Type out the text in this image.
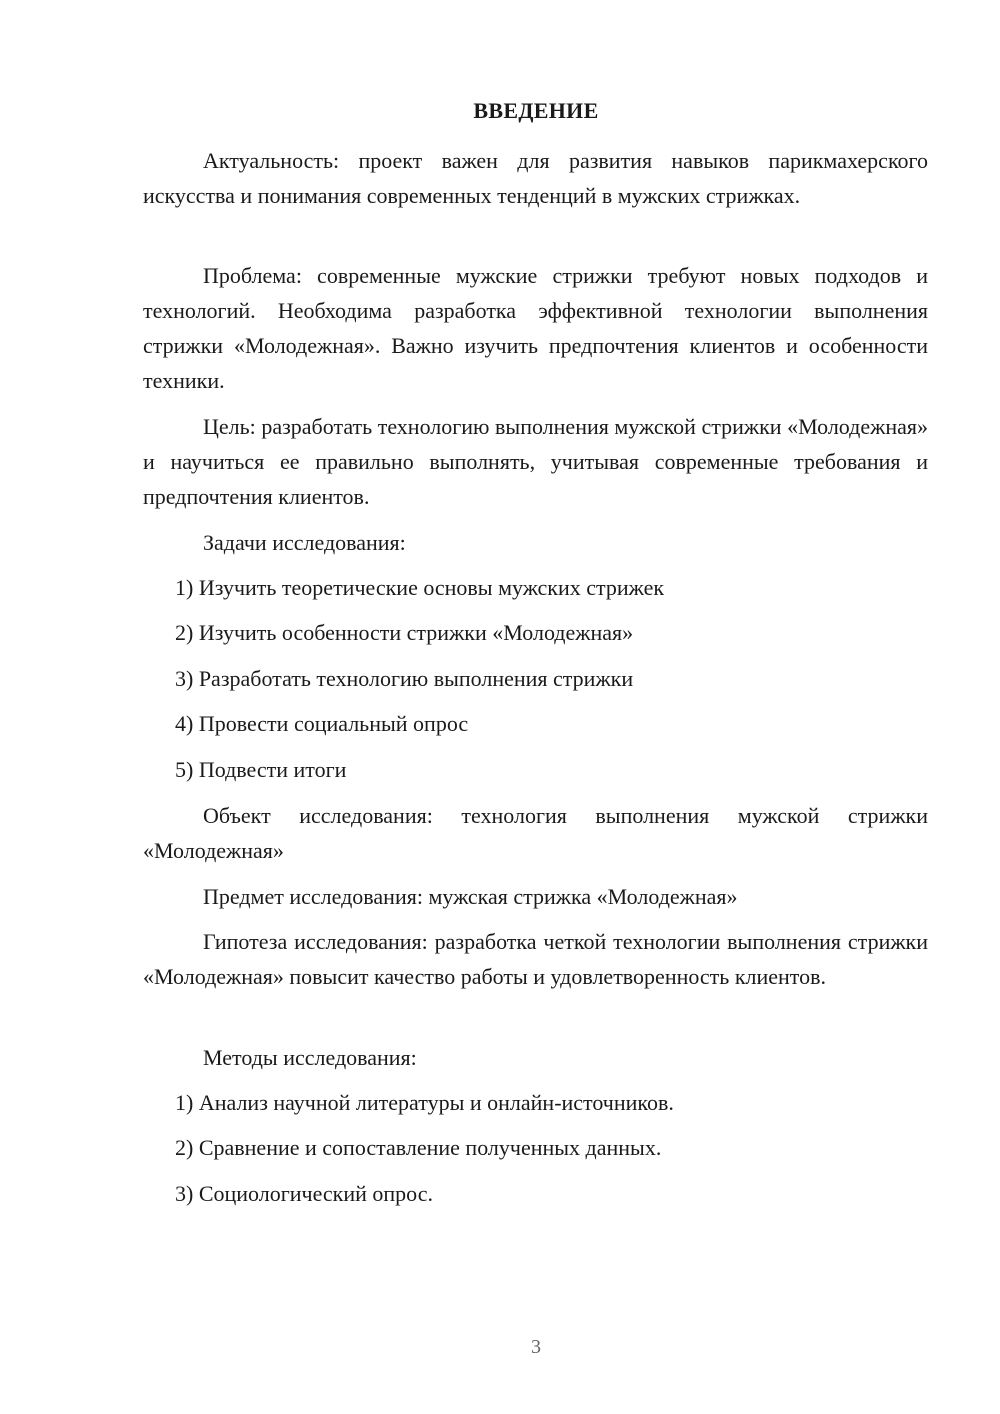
ВВЕДЕНИЕ

Актуальность: проект важен для развития навыков парикмахерского искусства и понимания современных тенденций в мужских стрижках.

Проблема: современные мужские стрижки требуют новых подходов и технологий. Необходима разработка эффективной технологии выполнения стрижки «Молодежная». Важно изучить предпочтения клиентов и особенности техники.

Цель: разработать технологию выполнения мужской стрижки «Молодежная» и научиться ее правильно выполнять, учитывая современные требования и предпочтения клиентов.

Задачи исследования:

1) Изучить теоретические основы мужских стрижек

2) Изучить особенности стрижки «Молодежная»

3) Разработать технологию выполнения стрижки

4) Провести социальный опрос

5) Подвести итоги

Объект исследования: технология выполнения мужской стрижки «Молодежная»

Предмет исследования: мужская стрижка «Молодежная»

Гипотеза исследования: разработка четкой технологии выполнения стрижки «Молодежная» повысит качество работы и удовлетворенность клиентов.

Методы исследования:

1) Анализ научной литературы и онлайн-источников.

2) Сравнение и сопоставление полученных данных.

3) Социологический опрос.

3
